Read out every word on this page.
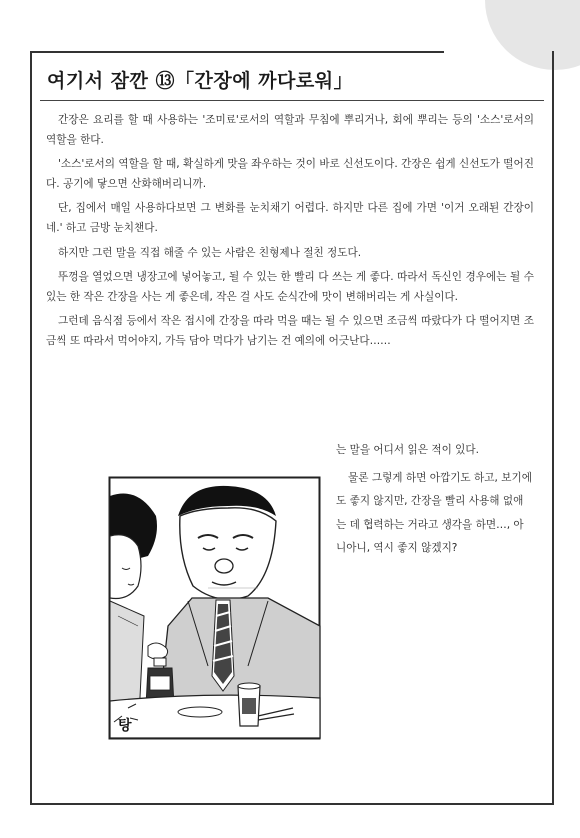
여기서 잠깐 ⑬「간장에 까다로워」

간장은 요리를 할 때 사용하는 '조미료'로서의 역할과 무침에 뿌리거나, 회에 뿌리는 등의 '소스'로서의 역할을 한다.

'소스'로서의 역할을 할 때, 확실하게 맛을 좌우하는 것이 바로 신선도이다. 간장은 쉽게 신선도가 떨어진다. 공기에 닿으면 산화해버리니까.

단, 집에서 매일 사용하다보면 그 변화를 눈치채기 어렵다. 하지만 다른 집에 가면 '이거 오래된 간장이네.' 하고 금방 눈치챈다.

하지만 그런 말을 직접 해줄 수 있는 사람은 친형제나 절친 정도다.

뚜껑을 열었으면 냉장고에 넣어놓고, 될 수 있는 한 빨리 다 쓰는 게 좋다. 따라서 독신인 경우에는 될 수 있는 한 작은 간장을 사는 게 좋은데, 작은 걸 사도 순식간에 맛이 변해버리는 게 사실이다.

그런데 음식점 등에서 작은 접시에 간장을 따라 먹을 때는 될 수 있으면 조금씩 따랐다가 다 떨어지면 조금씩 또 따라서 먹어야지, 가득 담아 먹다가 남기는 건 예의에 어긋난다……

는 말을 어디서 읽은 적이 있다.

물론 그렇게 하면 아깝기도 하고, 보기에도 좋지 않지만, 간장을 빨리 사용해 없애는 데 협력하는 거라고 생각을 하면…, 아니아니, 역시 좋지 않겠지?

탕
